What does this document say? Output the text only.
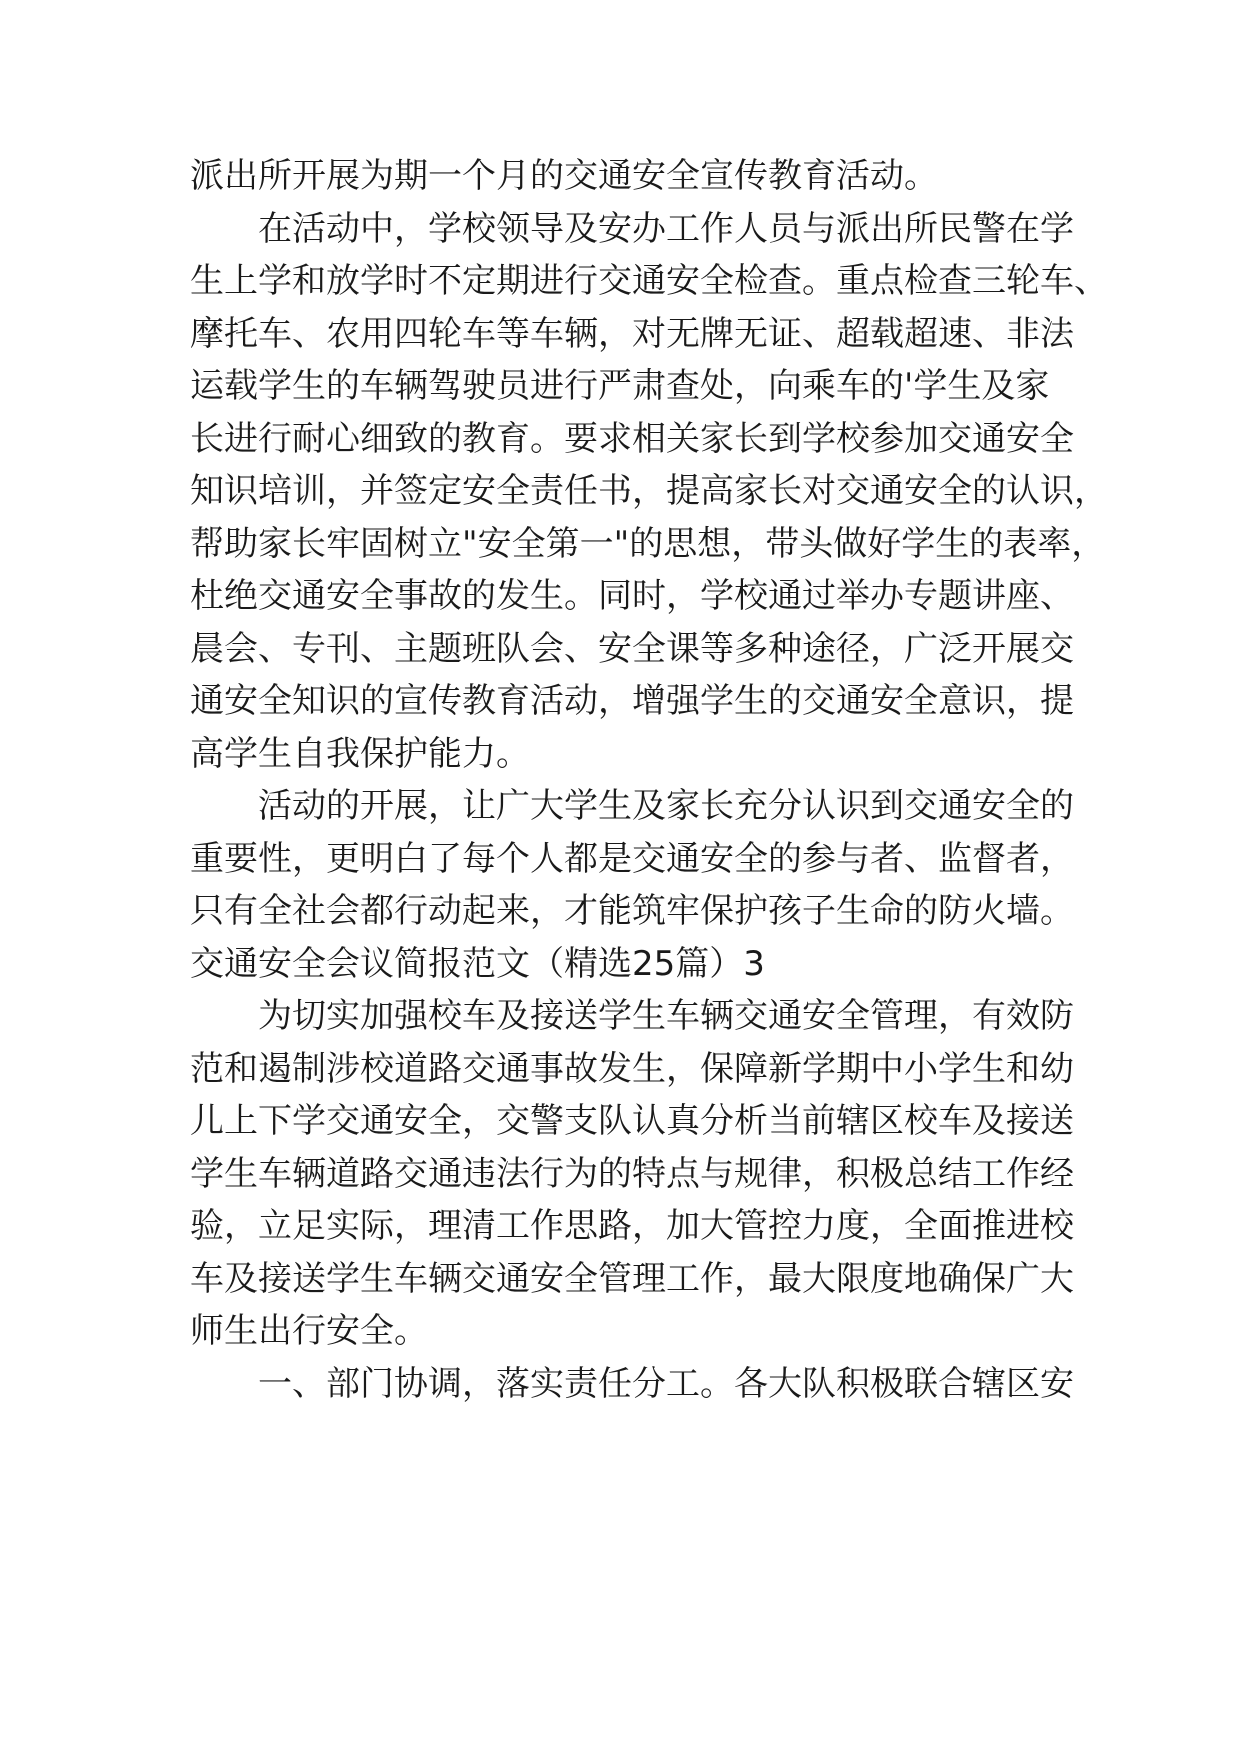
派出所开展为期一个月的交通安全宣传教育活动。
在活动中，学校领导及安办工作人员与派出所民警在学
生上学和放学时不定期进行交通安全检查。重点检查三轮车、
摩托车、农用四轮车等车辆，对无牌无证、超载超速、非法
运载学生的车辆驾驶员进行严肃查处，向乘车的'学生及家
长进行耐心细致的教育。要求相关家长到学校参加交通安全
知识培训，并签定安全责任书，提高家长对交通安全的认识，
帮助家长牢固树立"安全第一"的思想，带头做好学生的表率，
杜绝交通安全事故的发生。同时，学校通过举办专题讲座、
晨会、专刊、主题班队会、安全课等多种途径，广泛开展交
通安全知识的宣传教育活动，增强学生的交通安全意识，提
高学生自我保护能力。
活动的开展，让广大学生及家长充分认识到交通安全的
重要性，更明白了每个人都是交通安全的参与者、监督者，
只有全社会都行动起来，才能筑牢保护孩子生命的防火墙。
交通安全会议简报范文（精选25篇）3
为切实加强校车及接送学生车辆交通安全管理，有效防
范和遏制涉校道路交通事故发生，保障新学期中小学生和幼
儿上下学交通安全，交警支队认真分析当前辖区校车及接送
学生车辆道路交通违法行为的特点与规律，积极总结工作经
验，立足实际，理清工作思路，加大管控力度，全面推进校
车及接送学生车辆交通安全管理工作，最大限度地确保广大
师生出行安全。
一、部门协调，落实责任分工。各大队积极联合辖区安
